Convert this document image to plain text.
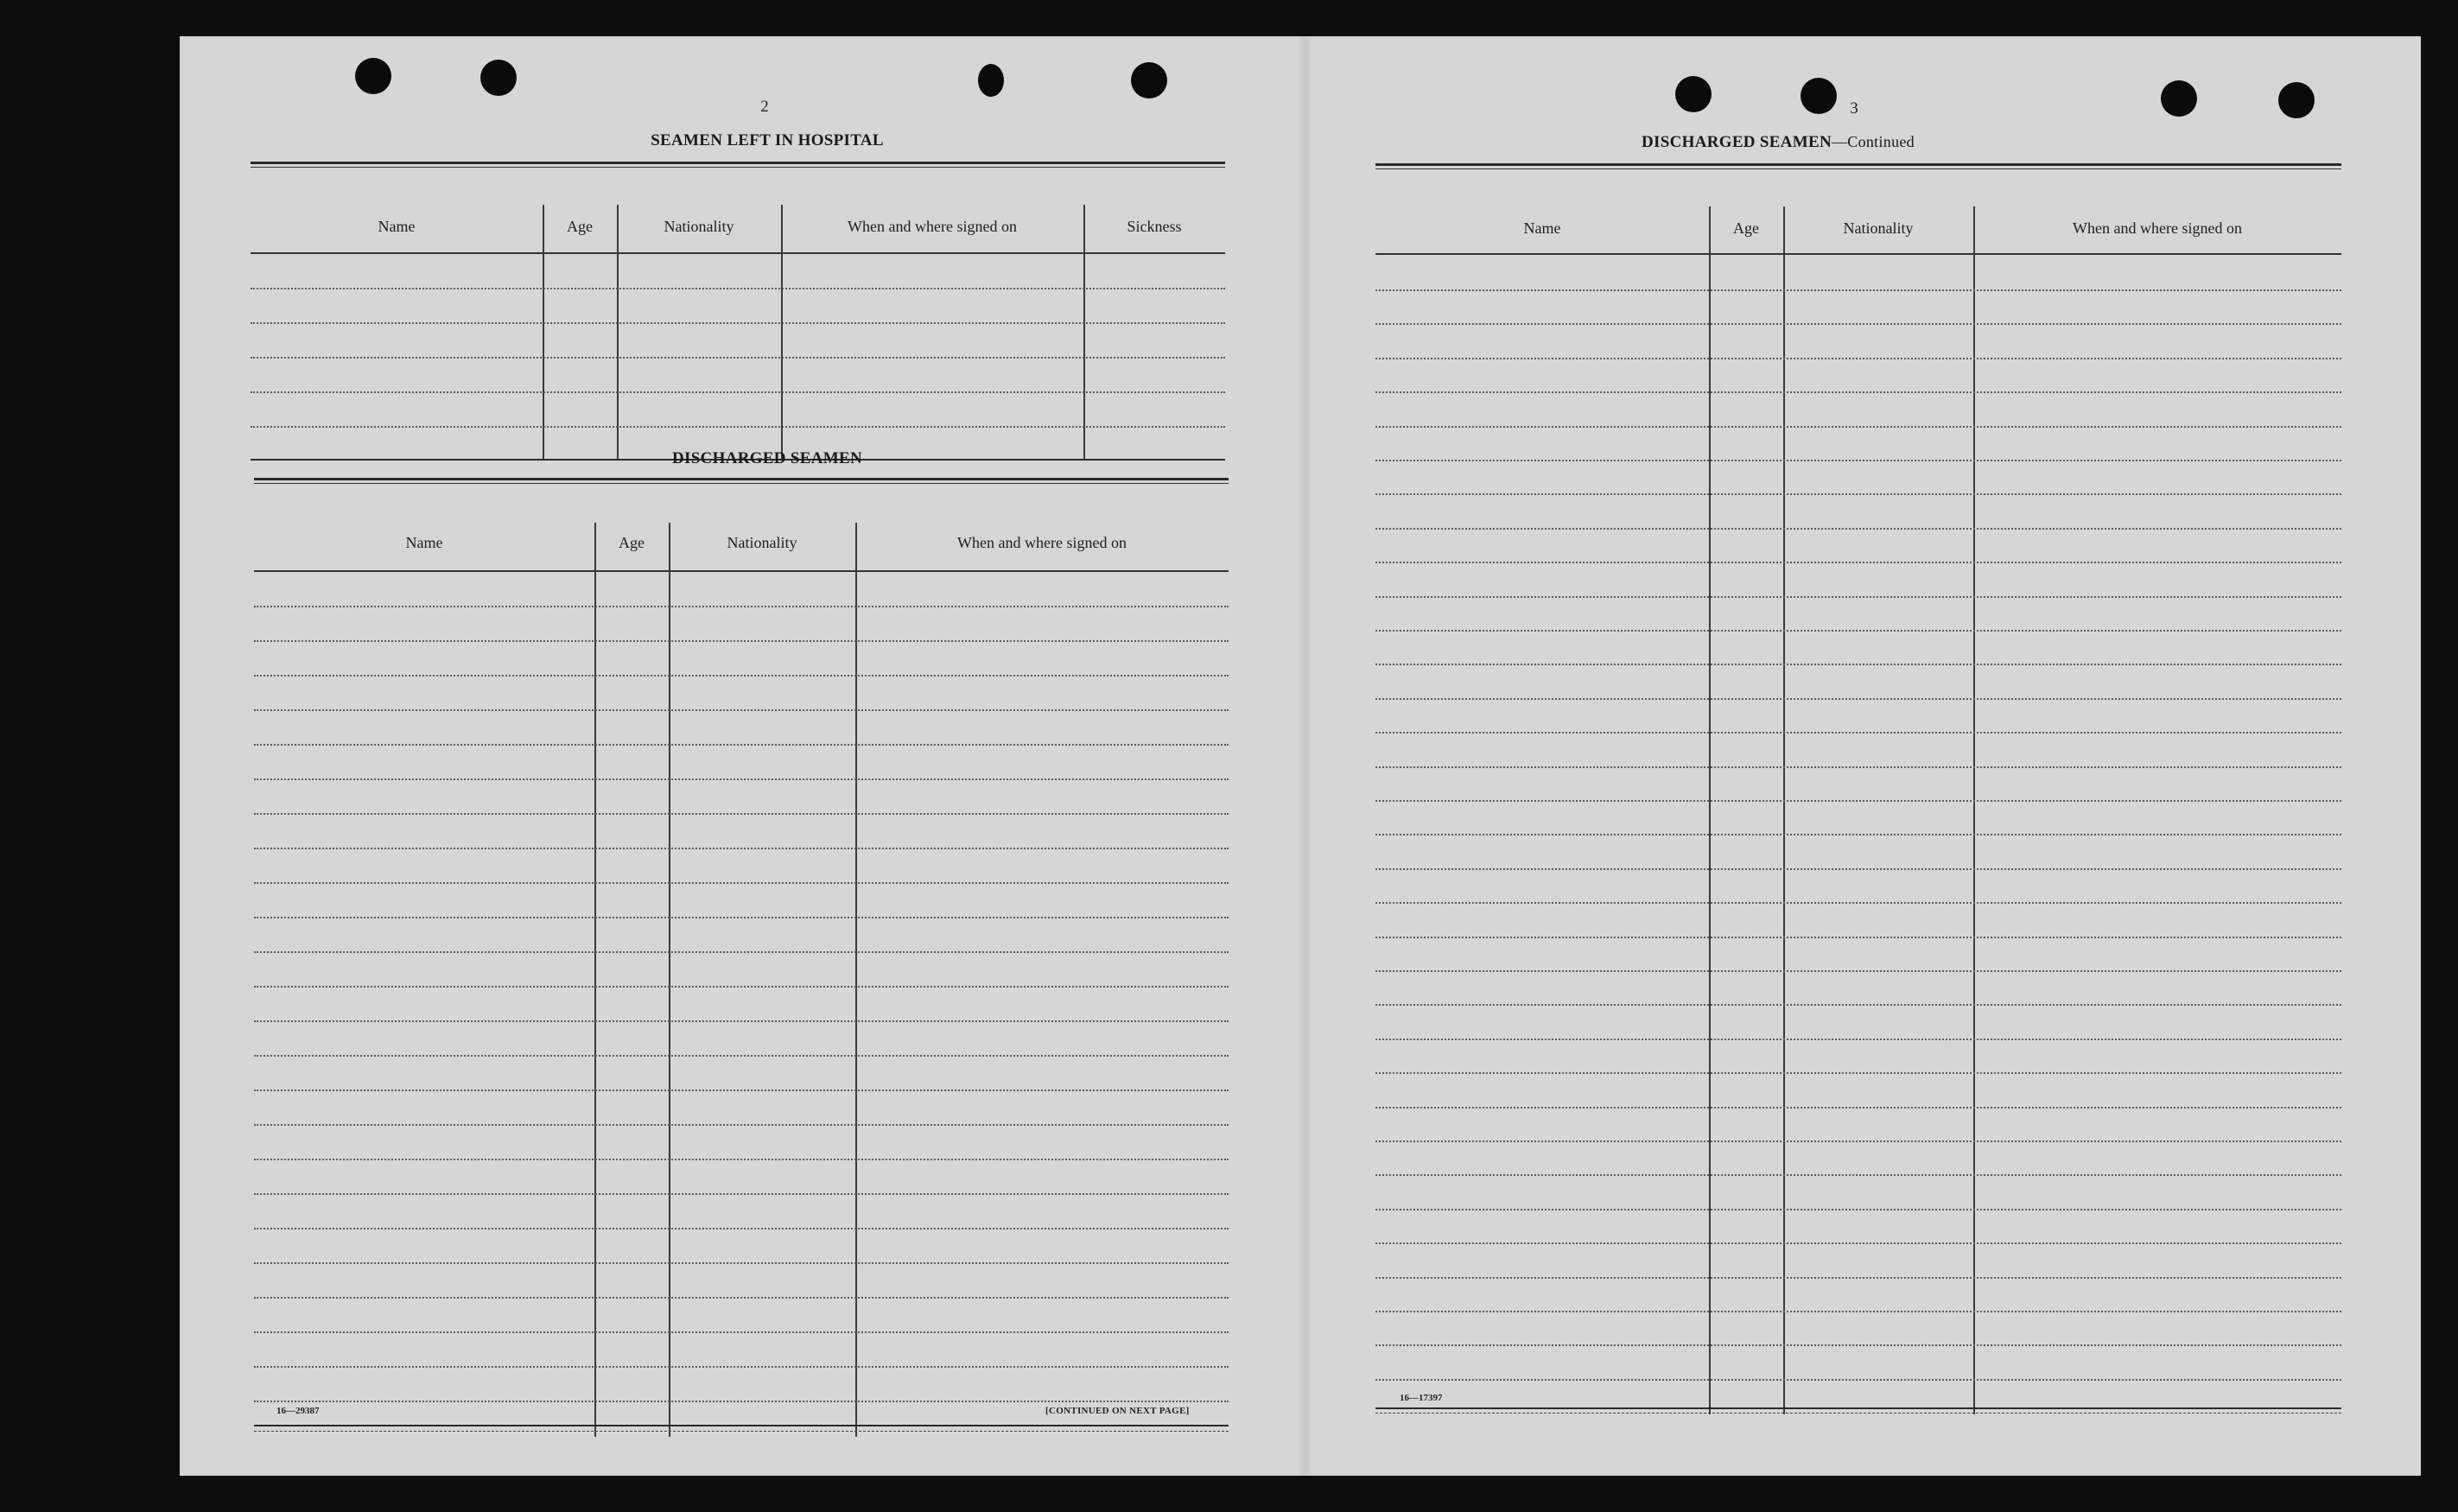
2
SEAMEN LEFT IN HOSPITAL
Name	Age	Nationality	When and where signed on	Sickness
DISCHARGED SEAMEN
Name	Age	Nationality	When and where signed on
16—29387	[CONTINUED ON NEXT PAGE]
3
DISCHARGED SEAMEN—Continued
Name	Age	Nationality	When and where signed on
16—17397
